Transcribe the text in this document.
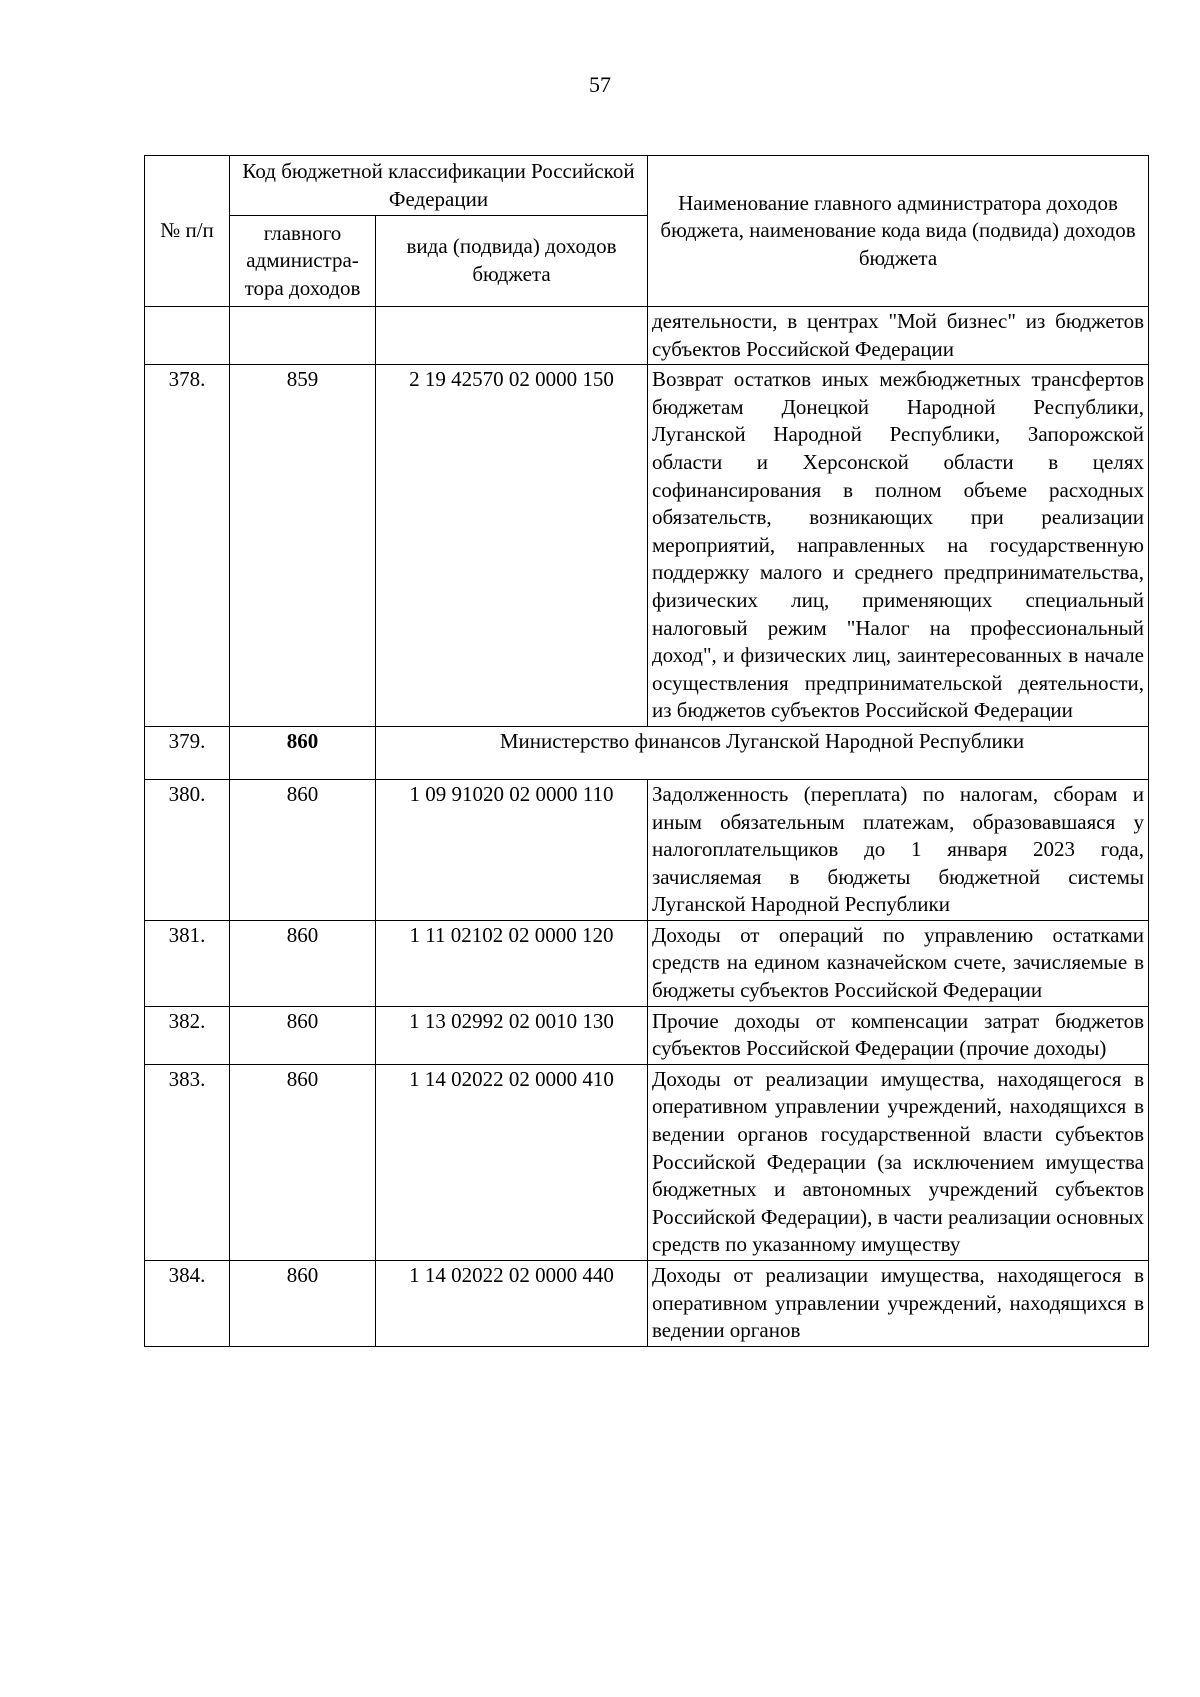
57
№ п/п	Код бюджетной классификации Российской Федерации		Наименование главного администратора доходов бюджета, наименование кода вида (подвида) доходов бюджета
	главного администра-тора доходов	вида (подвида) доходов бюджета	
			деятельности, в центрах "Мой бизнес" из бюджетов субъектов Российской Федерации
378.	859	2 19 42570 02 0000 150	Возврат остатков иных межбюджетных трансфертов бюджетам Донецкой Народной Республики, Луганской Народной Республики, Запорожской области и Херсонской области в целях софинансирования в полном объеме расходных обязательств, возникающих при реализации мероприятий, направленных на государственную поддержку малого и среднего предпринимательства, физических лиц, применяющих специальный налоговый режим "Налог на профессиональный доход", и физических лиц, заинтересованных в начале осуществления предпринимательской деятельности, из бюджетов субъектов Российской Федерации
379.	860	Министерство финансов Луганской Народной Республики	
380.	860	1 09 91020 02 0000 110	Задолженность (переплата) по налогам, сборам и иным обязательным платежам, образовавшаяся у налогоплательщиков до 1 января 2023 года, зачисляемая в бюджеты бюджетной системы Луганской Народной Республики
381.	860	1 11 02102 02 0000 120	Доходы от операций по управлению остатками средств на едином казначейском счете, зачисляемые в бюджеты субъектов Российской Федерации
382.	860	1 13 02992 02 0010 130	Прочие доходы от компенсации затрат бюджетов субъектов Российской Федерации (прочие доходы)
383.	860	1 14 02022 02 0000 410	Доходы от реализации имущества, находящегося в оперативном управлении учреждений, находящихся в ведении органов государственной власти субъектов Российской Федерации (за исключением имущества бюджетных и автономных учреждений субъектов Российской Федерации), в части реализации основных средств по указанному имуществу
384.	860	1 14 02022 02 0000 440	Доходы от реализации имущества, находящегося в оперативном управлении учреждений, находящихся в ведении органов
